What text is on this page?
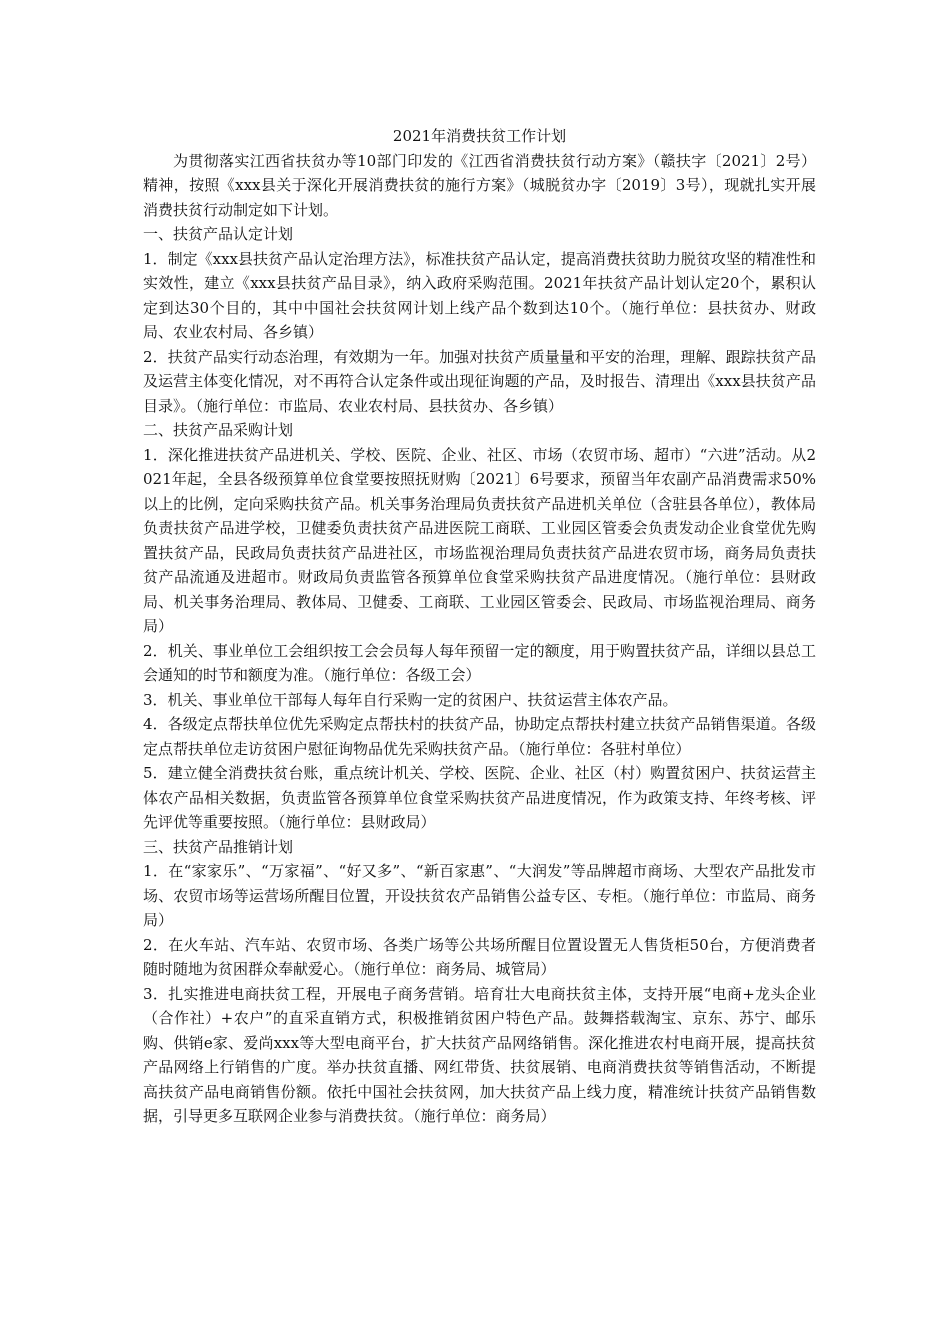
2021年消费扶贫工作计划

为贯彻落实江西省扶贫办等10部门印发的《江西省消费扶贫行动方案》（赣扶字〔2021〕2号）精神，按照《xxx县关于深化开展消费扶贫的施行方案》（城脱贫办字〔2019〕3号），现就扎实开展消费扶贫行动制定如下计划。

一、扶贫产品认定计划

1．制定《xxx县扶贫产品认定治理方法》，标准扶贫产品认定，提高消费扶贫助力脱贫攻坚的精准性和实效性，建立《xxx县扶贫产品目录》，纳入政府采购范围。2021年扶贫产品计划认定20个，累积认定到达30个目的，其中中国社会扶贫网计划上线产品个数到达10个。（施行单位：县扶贫办、财政局、农业农村局、各乡镇）

2．扶贫产品实行动态治理，有效期为一年。加强对扶贫产质量量和平安的治理，理解、跟踪扶贫产品及运营主体变化情况，对不再符合认定条件或出现征询题的产品，及时报告、清理出《xxx县扶贫产品目录》。（施行单位：市监局、农业农村局、县扶贫办、各乡镇）

二、扶贫产品采购计划

1．深化推进扶贫产品进机关、学校、医院、企业、社区、市场（农贸市场、超市）“六进”活动。从2021年起，全县各级预算单位食堂要按照抚财购〔2021〕6号要求，预留当年农副产品消费需求50%以上的比例，定向采购扶贫产品。机关事务治理局负责扶贫产品进机关单位（含驻县各单位），教体局负责扶贫产品进学校，卫健委负责扶贫产品进医院工商联、工业园区管委会负责发动企业食堂优先购置扶贫产品，民政局负责扶贫产品进社区，市场监视治理局负责扶贫产品进农贸市场，商务局负责扶贫产品流通及进超市。财政局负责监管各预算单位食堂采购扶贫产品进度情况。（施行单位：县财政局、机关事务治理局、教体局、卫健委、工商联、工业园区管委会、民政局、市场监视治理局、商务局）

2．机关、事业单位工会组织按工会会员每人每年预留一定的额度，用于购置扶贫产品，详细以县总工会通知的时节和额度为准。（施行单位：各级工会）

3．机关、事业单位干部每人每年自行采购一定的贫困户、扶贫运营主体农产品。

4．各级定点帮扶单位优先采购定点帮扶村的扶贫产品，协助定点帮扶村建立扶贫产品销售渠道。各级定点帮扶单位走访贫困户慰征询物品优先采购扶贫产品。（施行单位：各驻村单位）

5．建立健全消费扶贫台账，重点统计机关、学校、医院、企业、社区（村）购置贫困户、扶贫运营主体农产品相关数据，负责监管各预算单位食堂采购扶贫产品进度情况，作为政策支持、年终考核、评先评优等重要按照。（施行单位：县财政局）

三、扶贫产品推销计划

1．在“家家乐”、“万家福”、“好又多”、“新百家惠”、“大润发”等品牌超市商场、大型农产品批发市场、农贸市场等运营场所醒目位置，开设扶贫农产品销售公益专区、专柜。（施行单位：市监局、商务局）

2．在火车站、汽车站、农贸市场、各类广场等公共场所醒目位置设置无人售货柜50台，方便消费者随时随地为贫困群众奉献爱心。（施行单位：商务局、城管局）

3．扎实推进电商扶贫工程，开展电子商务营销。培育壮大电商扶贫主体，支持开展“电商+龙头企业（合作社）+农户”的直采直销方式，积极推销贫困户特色产品。鼓舞搭载淘宝、京东、苏宁、邮乐购、供销e家、爱尚xxx等大型电商平台，扩大扶贫产品网络销售。深化推进农村电商开展，提高扶贫产品网络上行销售的广度。举办扶贫直播、网红带货、扶贫展销、电商消费扶贫等销售活动，不断提高扶贫产品电商销售份额。依托中国社会扶贫网，加大扶贫产品上线力度，精准统计扶贫产品销售数据，引导更多互联网企业参与消费扶贫。（施行单位：商务局）
